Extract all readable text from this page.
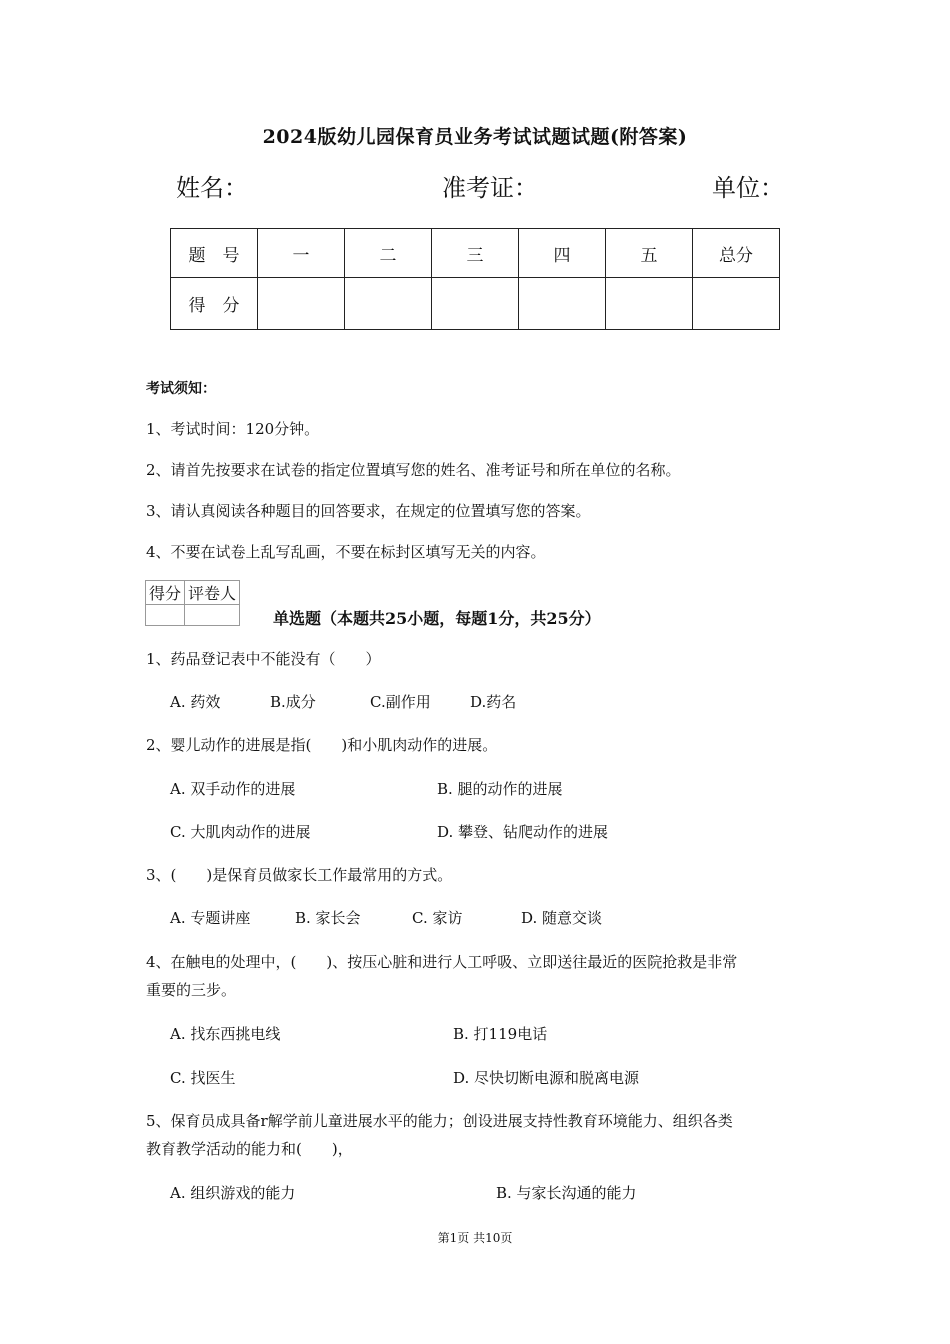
2024版幼儿园保育员业务考试试题试题(附答案)
姓名：	准考证：	单位：
题　号	一	二	三	四	五	总分
得　分						
考试须知：
1、考试时间：120分钟。
2、请首先按要求在试卷的指定位置填写您的姓名、准考证号和所在单位的名称。
3、请认真阅读各种题目的回答要求，在规定的位置填写您的答案。
4、不要在试卷上乱写乱画，不要在标封区填写无关的内容。
得分	评卷人

单选题（本题共25小题，每题1分，共25分）
1、药品登记表中不能没有（　　）
A. 药效	B.成分	C.副作用	D.药名
2、婴儿动作的进展是指(　　)和小肌肉动作的进展。
A. 双手动作的进展	B. 腿的动作的进展
C. 大肌肉动作的进展	D. 攀登、钻爬动作的进展
3、(　　)是保育员做家长工作最常用的方式。
A. 专题讲座	B. 家长会	C. 家访	D. 随意交谈
4、在触电的处理中，(　　)、按压心脏和进行人工呼吸、立即送往最近的医院抢救是非常
重要的三步。
A. 找东西挑电线	B. 打119电话
C. 找医生	D. 尽快切断电源和脱离电源
5、保育员成具备r解学前儿童进展水平的能力；创设进展支持性教育环境能力、组织各类
教育教学活动的能力和(　　)，
A. 组织游戏的能力	B. 与家长沟通的能力
第1页 共10页
